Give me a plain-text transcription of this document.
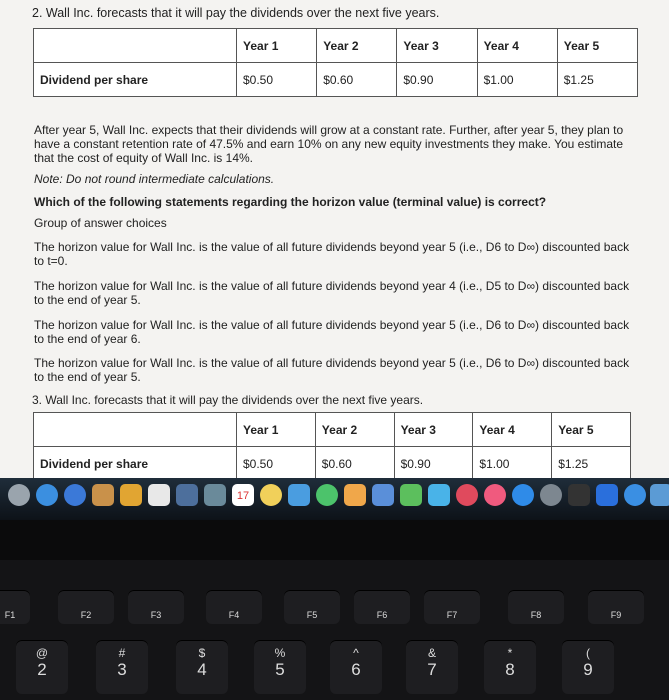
2. Wall Inc. forecasts that it will pay the dividends over the next five years.
	Year 1	Year 2	Year 3	Year 4	Year 5
Dividend per share	$0.50	$0.60	$0.90	$1.00	$1.25
After year 5, Wall Inc. expects that their dividends will grow at a constant rate. Further, after year 5, they plan to have a constant retention rate of 47.5% and earn 10% on any new equity investments they make. You estimate that the cost of equity of Wall Inc. is 14%.
Note: Do not round intermediate calculations.
Which of the following statements regarding the horizon value (terminal value) is correct?
Group of answer choices
The horizon value for Wall Inc. is the value of all future dividends beyond year 5 (i.e., D6 to D∞) discounted back to t=0.
The horizon value for Wall Inc. is the value of all future dividends beyond year 4 (i.e., D5 to D∞) discounted back to the end of year 5.
The horizon value for Wall Inc. is the value of all future dividends beyond year 5 (i.e., D6 to D∞) discounted back to the end of year 6.
The horizon value for Wall Inc. is the value of all future dividends beyond year 5 (i.e., D6 to D∞) discounted back to the end of year 5.
3. Wall Inc. forecasts that it will pay the dividends over the next five years.
	Year 1	Year 2	Year 3	Year 4	Year 5
Dividend per share	$0.50	$0.60	$0.90	$1.00	$1.25
17
F1	F2	F3	F4	F5	F6	F7	F8	F9
@
2
#
3
$
4
%
5
^
6
&
7
*
8
(
9
